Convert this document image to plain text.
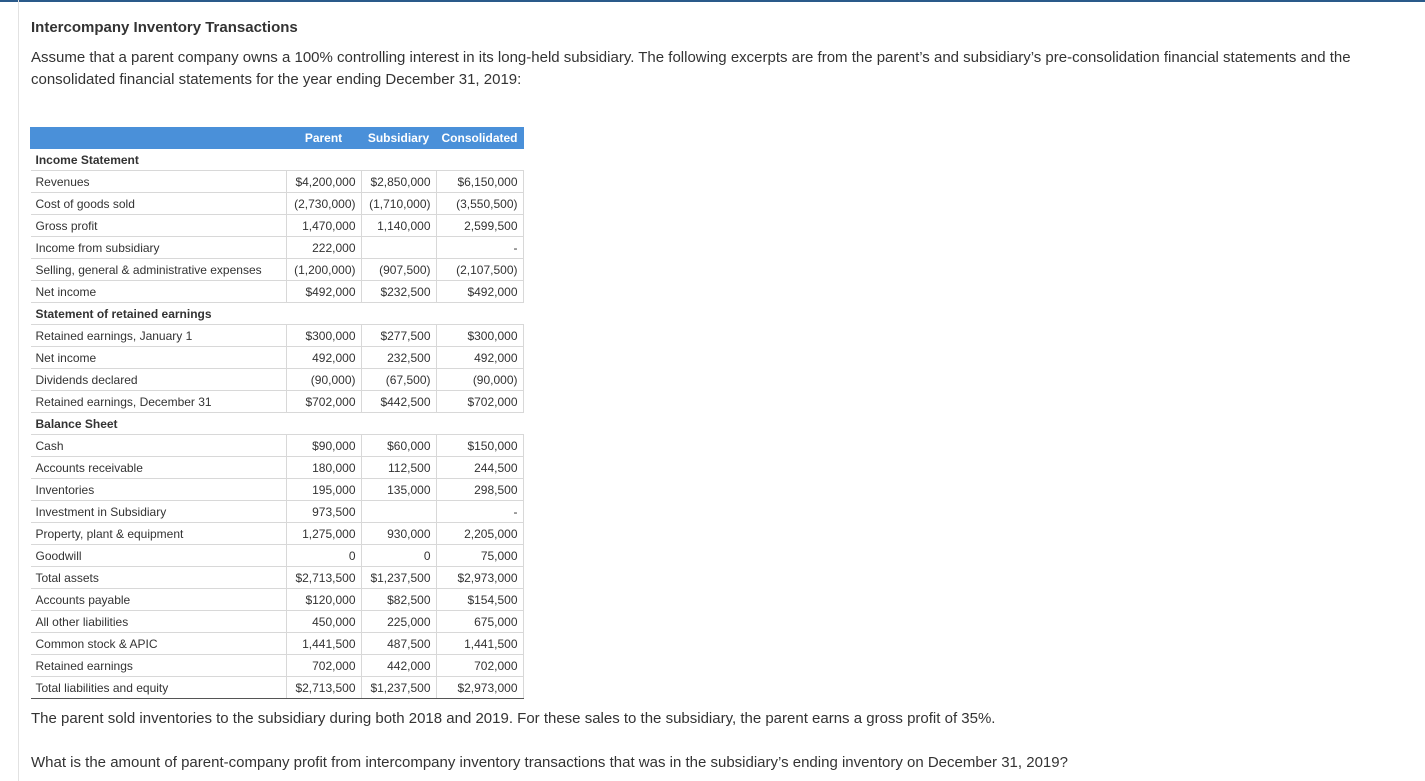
Intercompany Inventory Transactions
Assume that a parent company owns a 100% controlling interest in its long-held subsidiary. The following excerpts are from the parent’s and subsidiary’s pre-consolidation financial statements and the consolidated financial statements for the year ending December 31, 2019:
	Parent	Subsidiary	Consolidated
Income Statement			
Revenues	$4,200,000	$2,850,000	$6,150,000
Cost of goods sold	(2,730,000)	(1,710,000)	(3,550,500)
Gross profit	1,470,000	1,140,000	2,599,500
Income from subsidiary	222,000		-
Selling, general & administrative expenses	(1,200,000)	(907,500)	(2,107,500)
Net income	$492,000	$232,500	$492,000
Statement of retained earnings			
Retained earnings, January 1	$300,000	$277,500	$300,000
Net income	492,000	232,500	492,000
Dividends declared	(90,000)	(67,500)	(90,000)
Retained earnings, December 31	$702,000	$442,500	$702,000
Balance Sheet			
Cash	$90,000	$60,000	$150,000
Accounts receivable	180,000	112,500	244,500
Inventories	195,000	135,000	298,500
Investment in Subsidiary	973,500		-
Property, plant & equipment	1,275,000	930,000	2,205,000
Goodwill	0	0	75,000
Total assets	$2,713,500	$1,237,500	$2,973,000
Accounts payable	$120,000	$82,500	$154,500
All other liabilities	450,000	225,000	675,000
Common stock & APIC	1,441,500	487,500	1,441,500
Retained earnings	702,000	442,000	702,000
Total liabilities and equity	$2,713,500	$1,237,500	$2,973,000
The parent sold inventories to the subsidiary during both 2018 and 2019. For these sales to the subsidiary, the parent earns a gross profit of 35%.
What is the amount of parent-company profit from intercompany inventory transactions that was in the subsidiary’s ending inventory on December 31, 2019?
